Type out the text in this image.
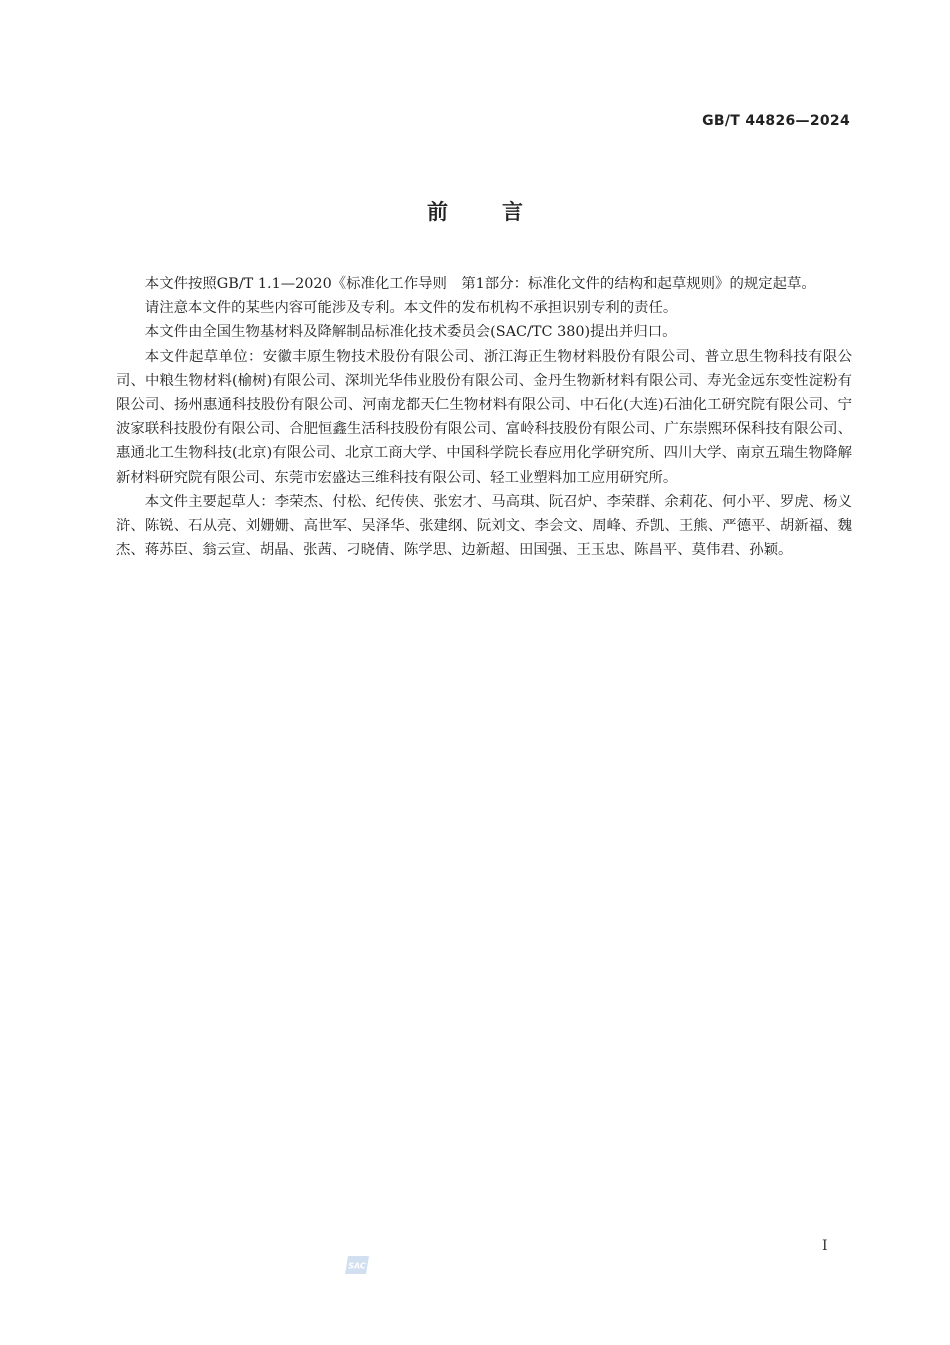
GB/T 44826—2024
前言

本文件按照GB/T 1.1—2020《标准化工作导则　第1部分：标准化文件的结构和起草规则》的规定起草。

请注意本文件的某些内容可能涉及专利。本文件的发布机构不承担识别专利的责任。

本文件由全国生物基材料及降解制品标准化技术委员会(SAC/TC 380)提出并归口。

本文件起草单位：安徽丰原生物技术股份有限公司、浙江海正生物材料股份有限公司、普立思生物科技有限公司、中粮生物材料(榆树)有限公司、深圳光华伟业股份有限公司、金丹生物新材料有限公司、寿光金远东变性淀粉有限公司、扬州惠通科技股份有限公司、河南龙都天仁生物材料有限公司、中石化(大连)石油化工研究院有限公司、宁波家联科技股份有限公司、合肥恒鑫生活科技股份有限公司、富岭科技股份有限公司、广东崇熙环保科技有限公司、惠通北工生物科技(北京)有限公司、北京工商大学、中国科学院长春应用化学研究所、四川大学、南京五瑞生物降解新材料研究院有限公司、东莞市宏盛达三维科技有限公司、轻工业塑料加工应用研究所。

本文件主要起草人：李荣杰、付松、纪传侠、张宏才、马高琪、阮召炉、李荣群、余莉花、何小平、罗虎、杨义浒、陈锐、石从亮、刘姗姗、高世军、吴泽华、张建纲、阮刘文、李会文、周峰、乔凯、王熊、严德平、胡新福、魏杰、蒋苏臣、翁云宣、胡晶、张茜、刁晓倩、陈学思、边新超、田国强、王玉忠、陈昌平、莫伟君、孙颖。

I
SAC
